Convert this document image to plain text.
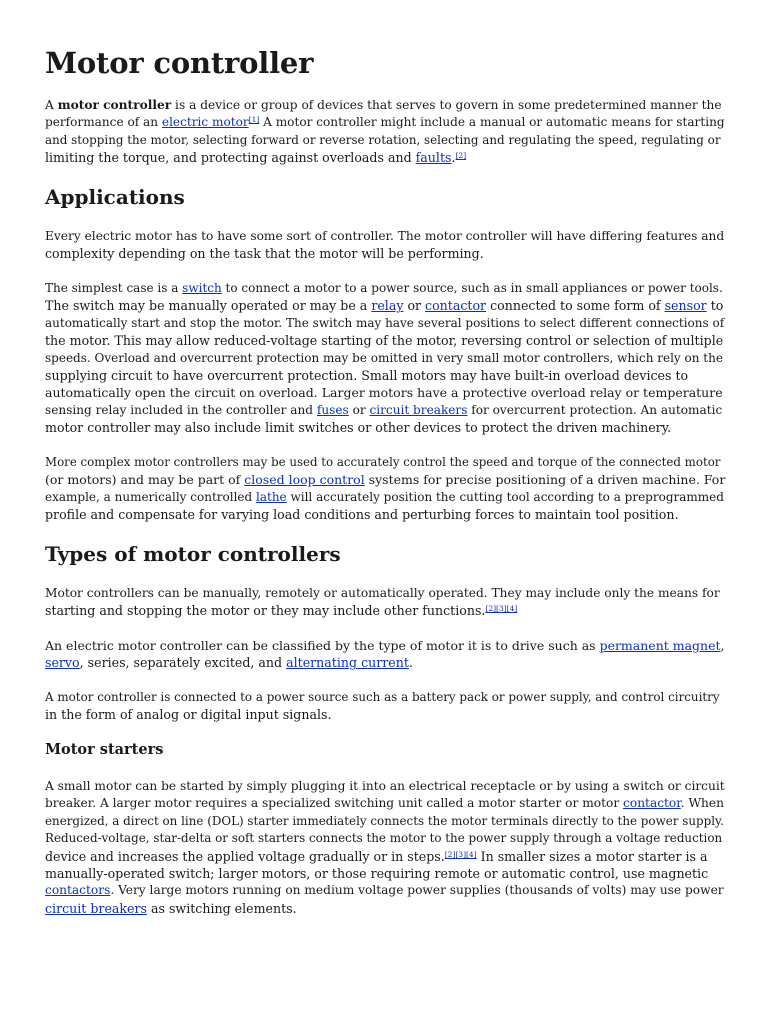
Motor controller

A motor controller is a device or group of devices that serves to govern in some predetermined manner the
performance of an electric motor[1] A motor controller might include a manual or automatic means for starting
and stopping the motor, selecting forward or reverse rotation, selecting and regulating the speed, regulating or
limiting the torque, and protecting against overloads and faults.[2]

Applications

Every electric motor has to have some sort of controller. The motor controller will have differing features and
complexity depending on the task that the motor will be performing.

The simplest case is a switch to connect a motor to a power source, such as in small appliances or power tools.
The switch may be manually operated or may be a relay or contactor connected to some form of sensor to
automatically start and stop the motor. The switch may have several positions to select different connections of
the motor. This may allow reduced-voltage starting of the motor, reversing control or selection of multiple
speeds. Overload and overcurrent protection may be omitted in very small motor controllers, which rely on the
supplying circuit to have overcurrent protection. Small motors may have built-in overload devices to
automatically open the circuit on overload. Larger motors have a protective overload relay or temperature
sensing relay included in the controller and fuses or circuit breakers for overcurrent protection. An automatic
motor controller may also include limit switches or other devices to protect the driven machinery.

More complex motor controllers may be used to accurately control the speed and torque of the connected motor
(or motors) and may be part of closed loop control systems for precise positioning of a driven machine. For
example, a numerically controlled lathe will accurately position the cutting tool according to a preprogrammed
profile and compensate for varying load conditions and perturbing forces to maintain tool position.

Types of motor controllers

Motor controllers can be manually, remotely or automatically operated. They may include only the means for
starting and stopping the motor or they may include other functions.[2][3][4]

An electric motor controller can be classified by the type of motor it is to drive such as permanent magnet,
servo, series, separately excited, and alternating current.

A motor controller is connected to a power source such as a battery pack or power supply, and control circuitry
in the form of analog or digital input signals.

Motor starters

A small motor can be started by simply plugging it into an electrical receptacle or by using a switch or circuit
breaker. A larger motor requires a specialized switching unit called a motor starter or motor contactor. When
energized, a direct on line (DOL) starter immediately connects the motor terminals directly to the power supply.
Reduced-voltage, star-delta or soft starters connects the motor to the power supply through a voltage reduction
device and increases the applied voltage gradually or in steps.[2][3][4] In smaller sizes a motor starter is a
manually-operated switch; larger motors, or those requiring remote or automatic control, use magnetic
contactors. Very large motors running on medium voltage power supplies (thousands of volts) may use power
circuit breakers as switching elements.
